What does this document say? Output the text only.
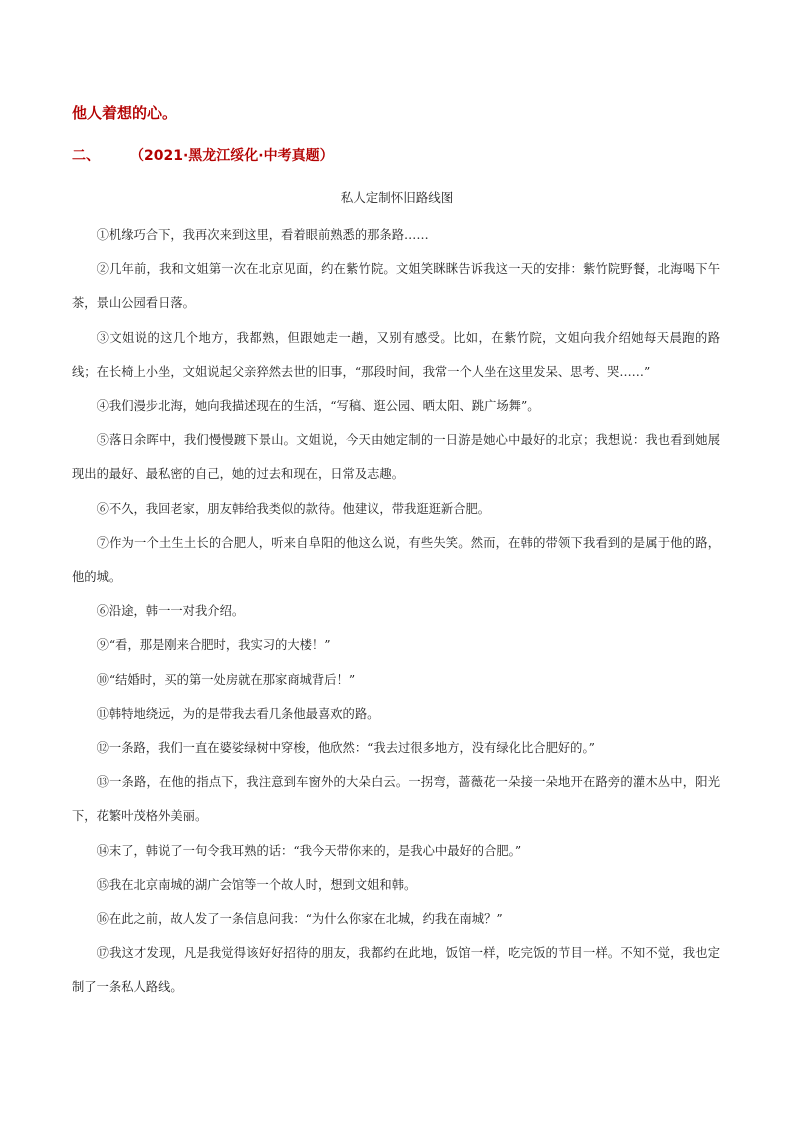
他人着想的心。
二、 （2021·黑龙江绥化·中考真题）
私人定制怀旧路线图

①机缘巧合下，我再次来到这里，看着眼前熟悉的那条路……

②几年前，我和文姐第一次在北京见面，约在紫竹院。文姐笑眯眯告诉我这一天的安排：紫竹院野餐，北海喝下午茶，景山公园看日落。

③文姐说的这几个地方，我都熟，但跟她走一趟，又别有感受。比如，在紫竹院，文姐向我介绍她每天晨跑的路线；在长椅上小坐，文姐说起父亲猝然去世的旧事，“那段时间，我常一个人坐在这里发呆、思考、哭……”

④我们漫步北海，她向我描述现在的生活，“写稿、逛公园、晒太阳、跳广场舞”。

⑤落日余晖中，我们慢慢踱下景山。文姐说，今天由她定制的一日游是她心中最好的北京；我想说：我也看到她展现出的最好、最私密的自己，她的过去和现在，日常及志趣。

⑥不久，我回老家，朋友韩给我类似的款待。他建议，带我逛逛新合肥。

⑦作为一个土生土长的合肥人，听来自阜阳的他这么说，有些失笑。然而，在韩的带领下我看到的是属于他的路，他的城。

⑥沿途，韩一一对我介绍。

⑨“看，那是刚来合肥时，我实习的大楼！”

⑩“结婚时，买的第一处房就在那家商城背后！”

⑪韩特地绕远，为的是带我去看几条他最喜欢的路。

⑫一条路，我们一直在婆娑绿树中穿梭，他欣然：“我去过很多地方，没有绿化比合肥好的。”

⑬一条路，在他的指点下，我注意到车窗外的大朵白云。一拐弯，蔷薇花一朵接一朵地开在路旁的灌木丛中，阳光下，花繁叶茂格外美丽。

⑭末了，韩说了一句令我耳熟的话：“我今天带你来的，是我心中最好的合肥。”

⑮我在北京南城的湖广会馆等一个故人时，想到文姐和韩。

⑯在此之前，故人发了一条信息问我：“为什么你家在北城，约我在南城？”

⑰我这才发现，凡是我觉得该好好招待的朋友，我都约在此地，饭馆一样，吃完饭的节目一样。不知不觉，我也定制了一条私人路线。
